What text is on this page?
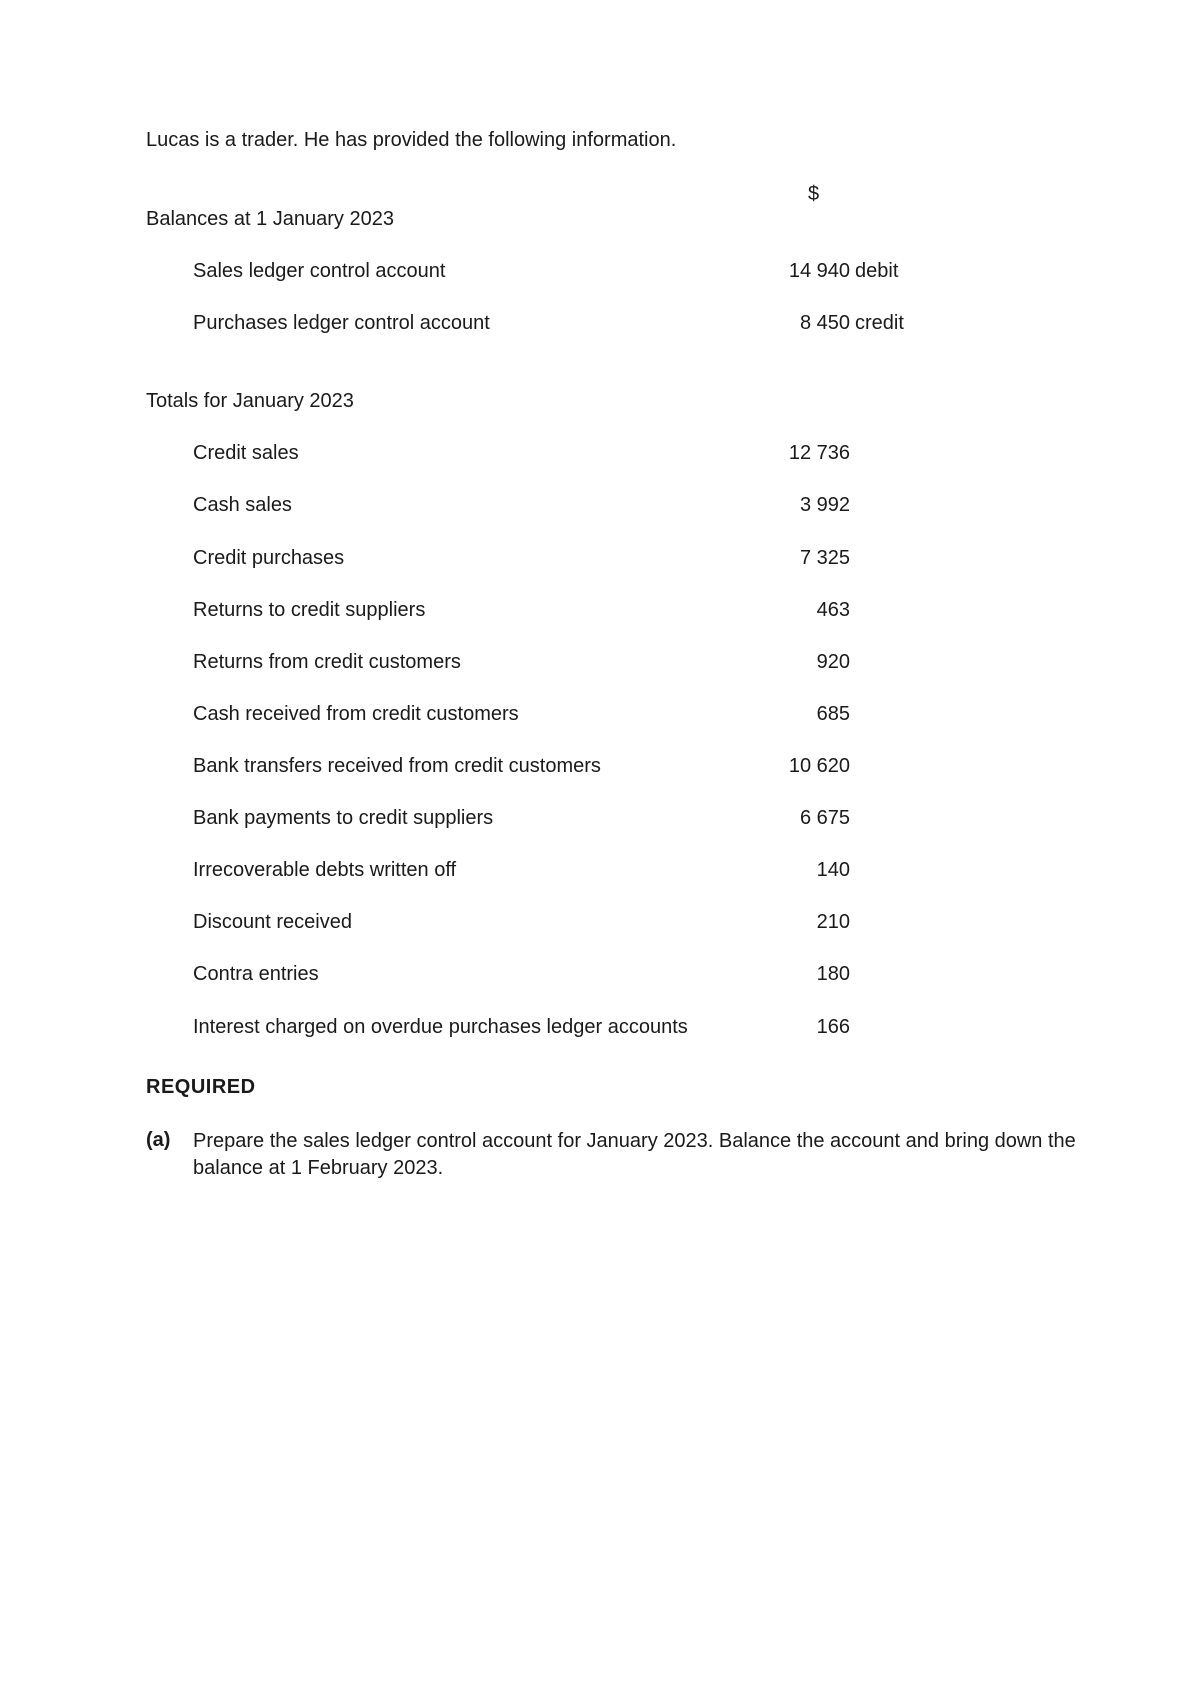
Lucas is a trader. He has provided the following information.
$
Balances at 1 January 2023
Sales ledger control account	14 940 debit
Purchases ledger control account	8 450 credit
Totals for January 2023
Credit sales	12 736
Cash sales	3 992
Credit purchases	7 325
Returns to credit suppliers	463
Returns from credit customers	920
Cash received from credit customers	685
Bank transfers received from credit customers	10 620
Bank payments to credit suppliers	6 675
Irrecoverable debts written off	140
Discount received	210
Contra entries	180
Interest charged on overdue purchases ledger accounts	166
REQUIRED
(a) Prepare the sales ledger control account for January 2023. Balance the account and bring down the balance at 1 February 2023.
